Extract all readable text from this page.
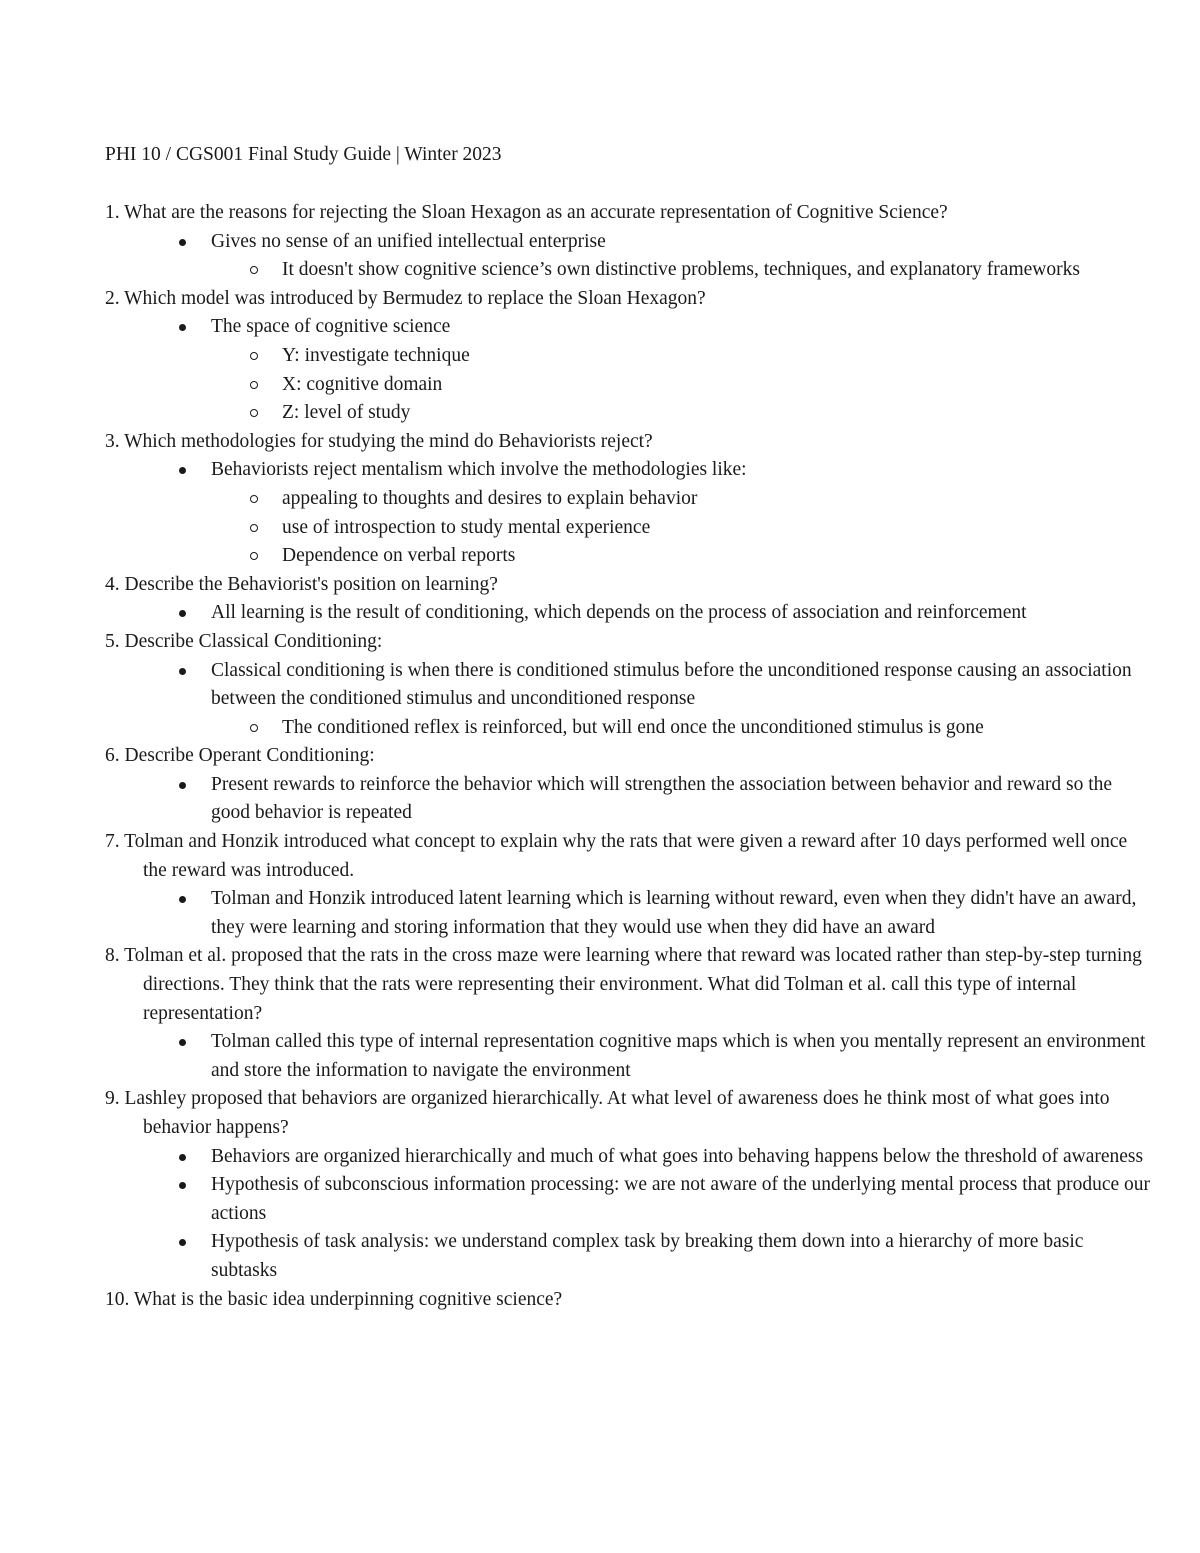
PHI 10 / CGS001 Final Study Guide | Winter 2023
1. What are the reasons for rejecting the Sloan Hexagon as an accurate representation of Cognitive Science?
Gives no sense of an unified intellectual enterprise
It doesn't show cognitive science’s own distinctive problems, techniques, and explanatory frameworks
2. Which model was introduced by Bermudez to replace the Sloan Hexagon?
The space of cognitive science
Y: investigate technique
X: cognitive domain
Z: level of study
3. Which methodologies for studying the mind do Behaviorists reject?
Behaviorists reject mentalism which involve the methodologies like:
appealing to thoughts and desires to explain behavior
use of introspection to study mental experience
Dependence on verbal reports
4. Describe the Behaviorist's position on learning?
All learning is the result of conditioning, which depends on the process of association and reinforcement
5. Describe Classical Conditioning:
Classical conditioning is when there is conditioned stimulus before the unconditioned response causing an association between the conditioned stimulus and unconditioned response
The conditioned reflex is reinforced, but will end once the unconditioned stimulus is gone
6. Describe Operant Conditioning:
Present rewards to reinforce the behavior which will strengthen the association between behavior and reward so the good behavior is repeated
7. Tolman and Honzik introduced what concept to explain why the rats that were given a reward after 10 days performed well once the reward was introduced.
Tolman and Honzik introduced latent learning which is learning without reward, even when they didn't have an award, they were learning and storing information that they would use when they did have an award
8. Tolman et al. proposed that the rats in the cross maze were learning where that reward was located rather than step-by-step turning directions. They think that the rats were representing their environment. What did Tolman et al. call this type of internal representation?
Tolman called this type of internal representation cognitive maps which is when you mentally represent an environment and store the information to navigate the environment
9. Lashley proposed that behaviors are organized hierarchically. At what level of awareness does he think most of what goes into behavior happens?
Behaviors are organized hierarchically and much of what goes into behaving happens below the threshold of awareness
Hypothesis of subconscious information processing: we are not aware of the underlying mental process that produce our actions
Hypothesis of task analysis: we understand complex task by breaking them down into a hierarchy of more basic subtasks
10. What is the basic idea underpinning cognitive science?
